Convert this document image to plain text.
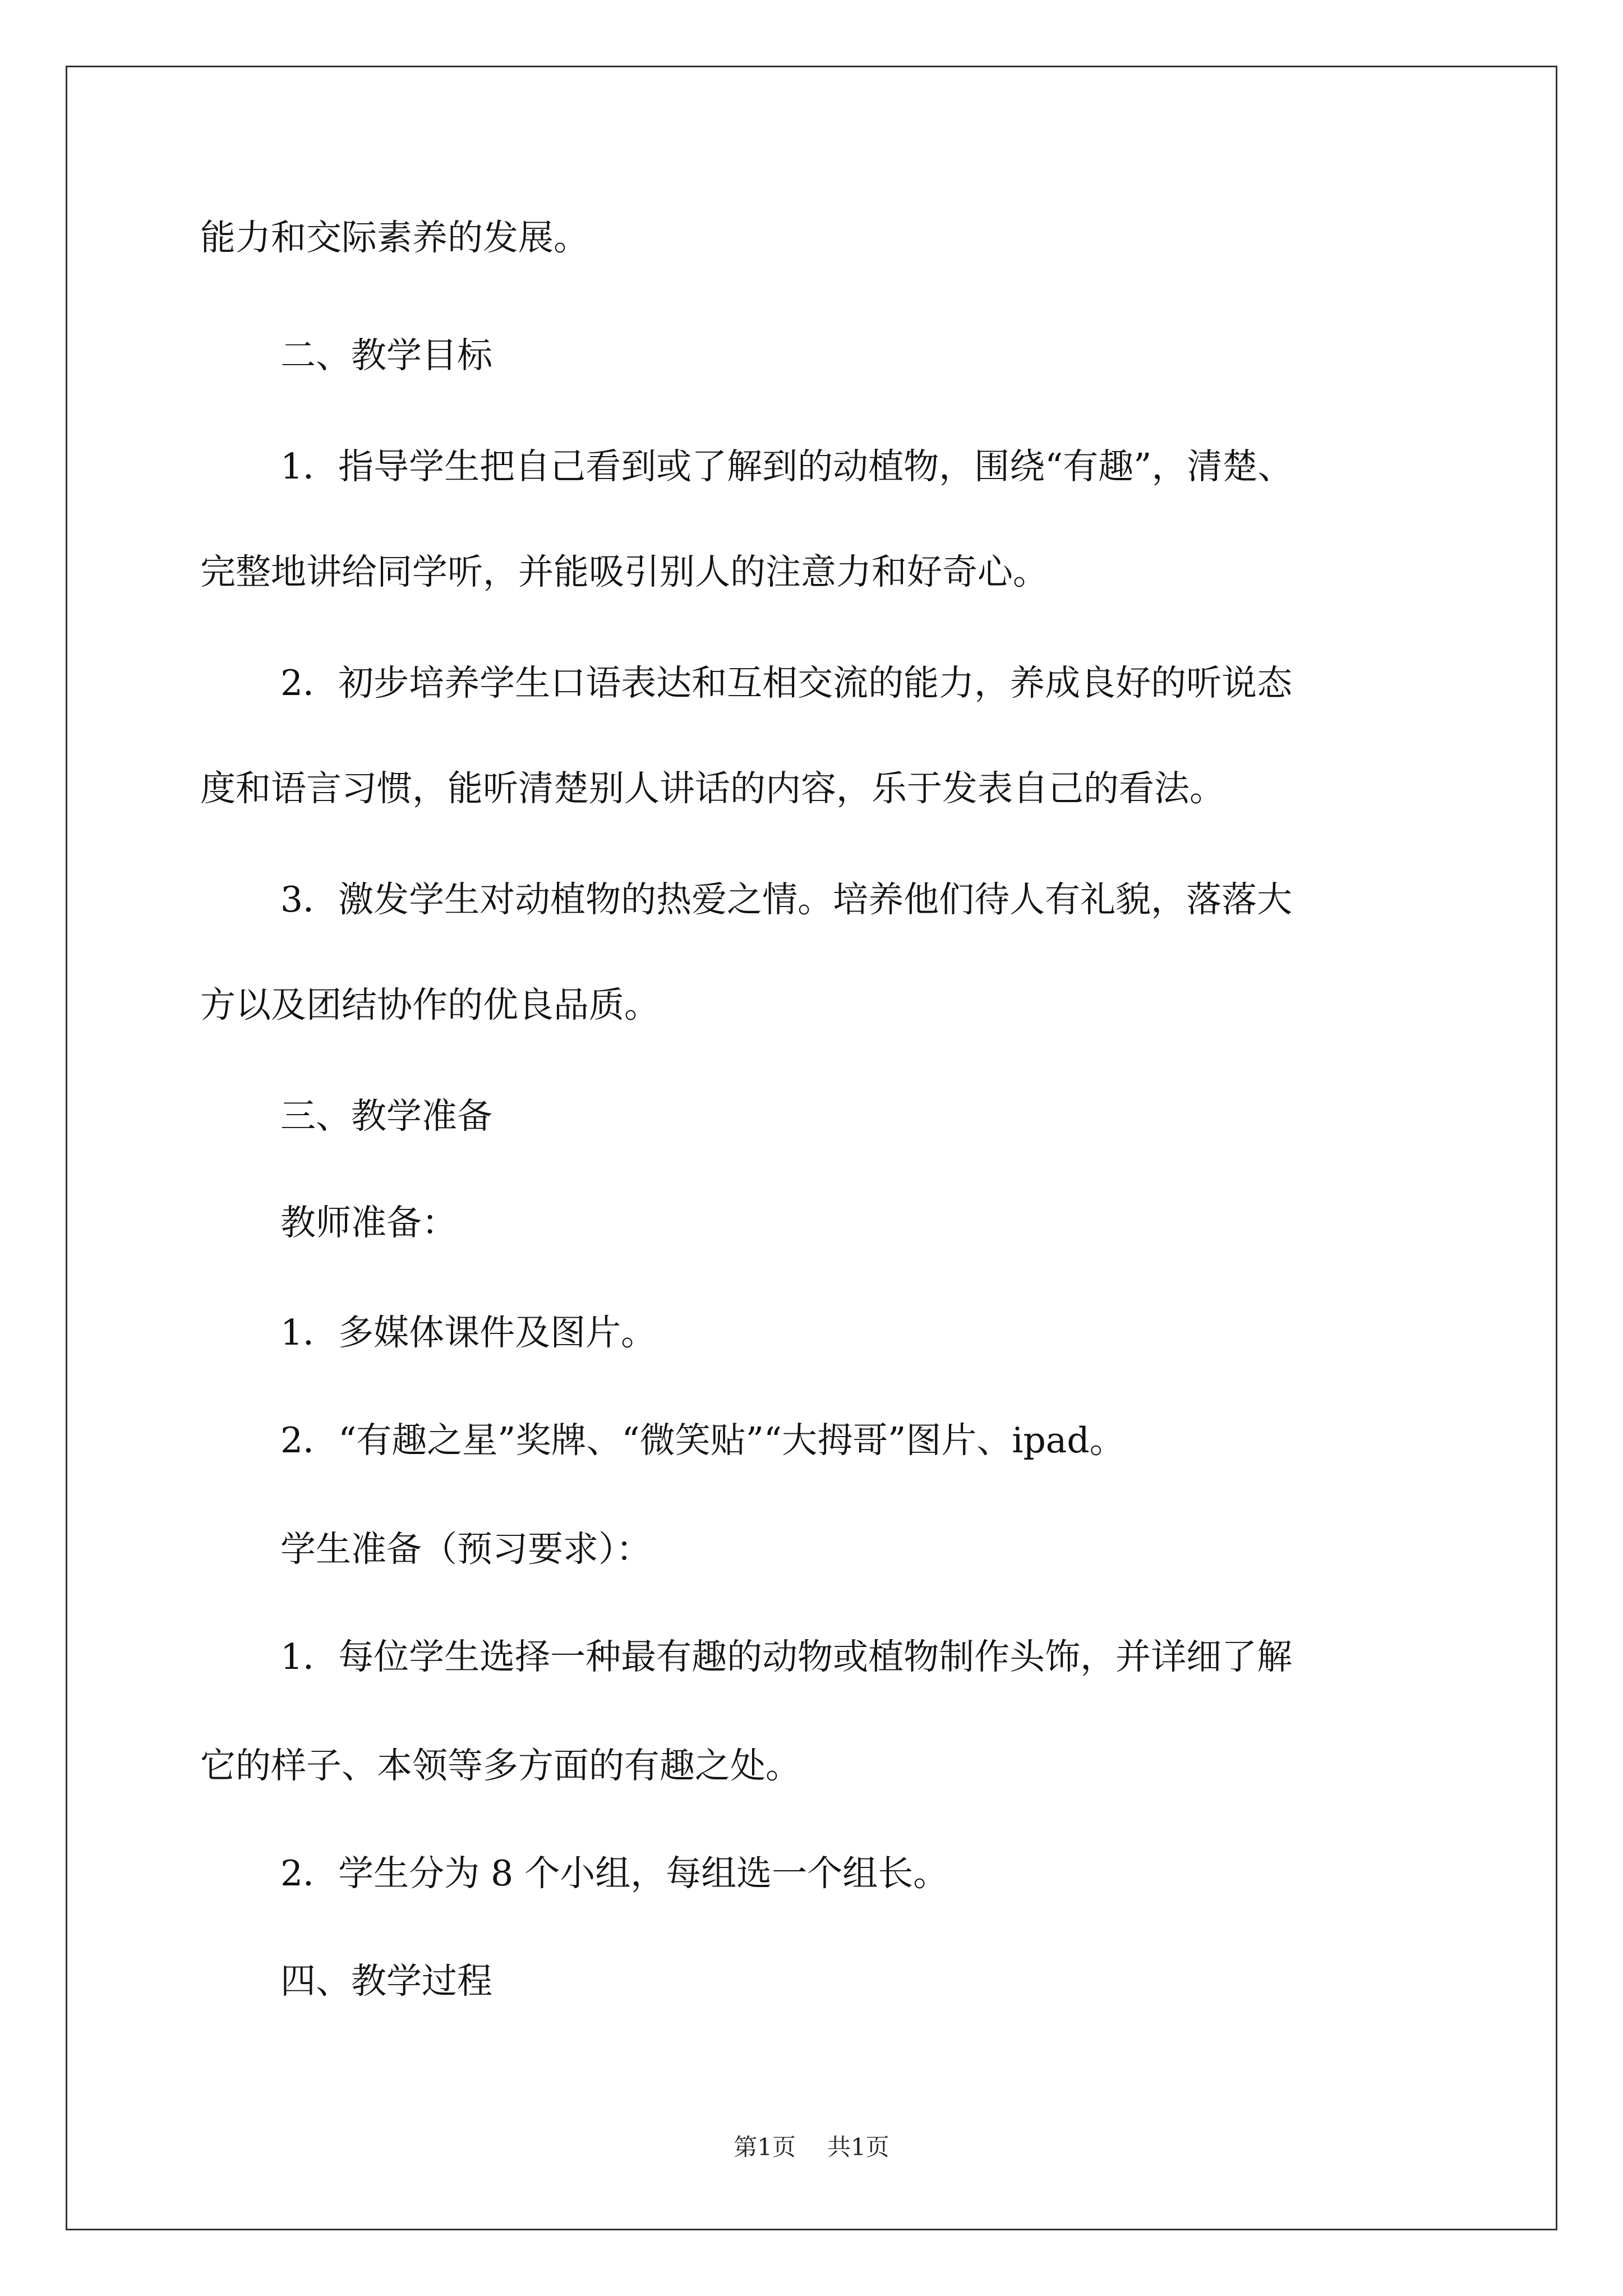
能力和交际素养的发展。
二、教学目标
1．指导学生把自己看到或了解到的动植物，围绕“有趣”，清楚、
完整地讲给同学听，并能吸引别人的注意力和好奇心。
2．初步培养学生口语表达和互相交流的能力，养成良好的听说态
度和语言习惯，能听清楚别人讲话的内容，乐于发表自己的看法。
3．激发学生对动植物的热爱之情。培养他们待人有礼貌，落落大
方以及团结协作的优良品质。
三、教学准备
教师准备：
1．多媒体课件及图片。
2．“有趣之星”奖牌、“微笑贴”“大拇哥”图片、ipad。
学生准备（预习要求）：
1．每位学生选择一种最有趣的动物或植物制作头饰，并详细了解
它的样子、本领等多方面的有趣之处。
2．学生分为 8 个小组，每组选一个组长。
四、教学过程
第1页 共1页
